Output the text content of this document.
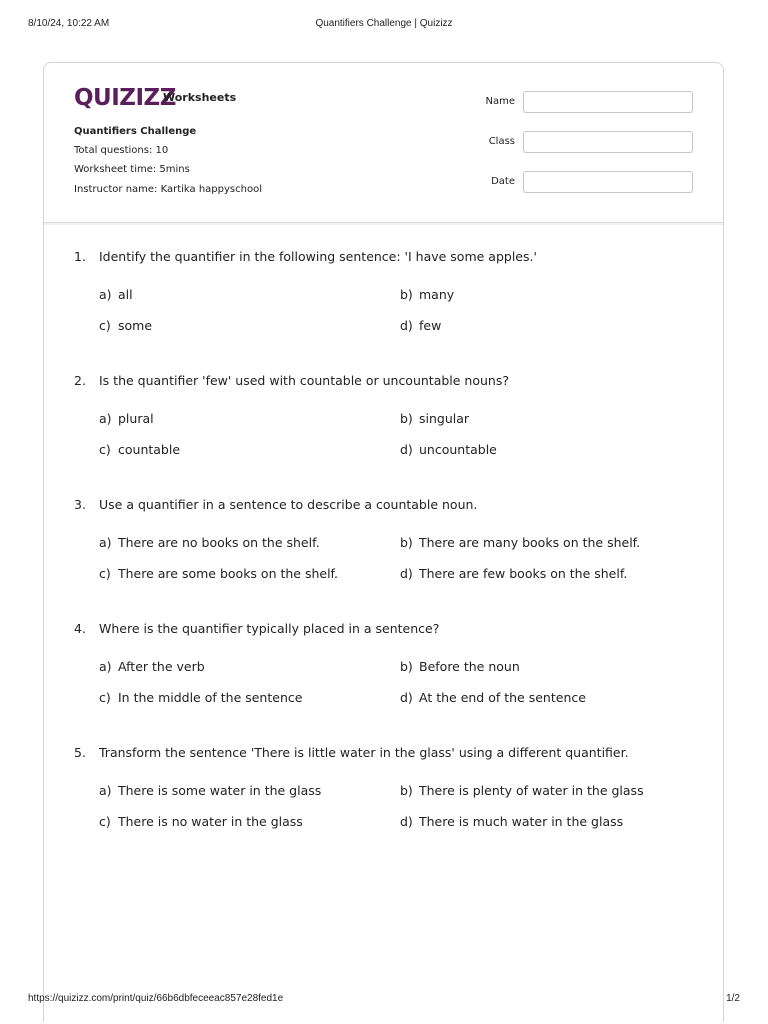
8/10/24, 10:22 AM	Quantifiers Challenge | Quizizz
QUIZIZZ
Worksheets
Quantifiers Challenge
Total questions: 10
Worksheet time: 5mins
Instructor name: Kartika happyschool
Name
Class
Date
1. Identify the quantifier in the following sentence: 'I have some apples.'
a) all	b) many
c) some	d) few
2. Is the quantifier 'few' used with countable or uncountable nouns?
a) plural	b) singular
c) countable	d) uncountable
3. Use a quantifier in a sentence to describe a countable noun.
a) There are no books on the shelf.	b) There are many books on the shelf.
c) There are some books on the shelf.	d) There are few books on the shelf.
4. Where is the quantifier typically placed in a sentence?
a) After the verb	b) Before the noun
c) In the middle of the sentence	d) At the end of the sentence
5. Transform the sentence 'There is little water in the glass' using a different quantifier.
a) There is some water in the glass	b) There is plenty of water in the glass
c) There is no water in the glass	d) There is much water in the glass
https://quizizz.com/print/quiz/66b6dbfeceeac857e28fed1e	1/2
